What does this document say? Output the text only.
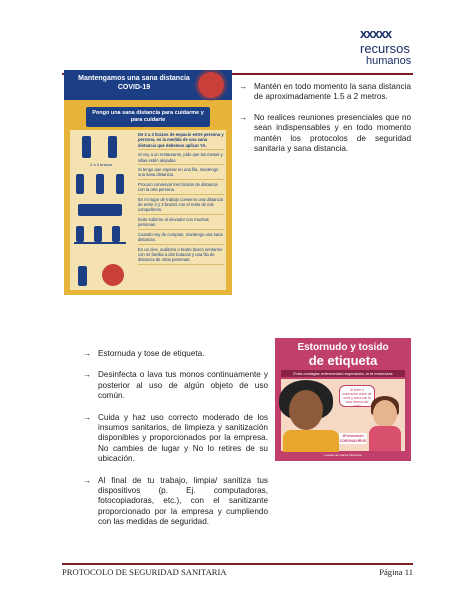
xxxxx
recursos
humanos
Mantengamos una sana distancia COVID-19
Pongo una sana distancia para cuidarme y para cuidarte
2 a 3 brazos
De 2 a 3 brazos de espacio entre persona y persona, es la medida de una sana distancia que debemos aplicar YA.
Si voy a un restaurante, pido que las mesas y sillas estén alejadas.
Si tengo que esperar en una fila, mantengo una sana distancia.
Procuro conservar tres brazos de distancia con la otra persona.
En mi lugar de trabajo conservo una distancia de entre 2 y 3 brazos con el resto de mis compañeros.
Evito subirme al elevador con muchas personas.
Cuando voy de compras, mantengo una sana distancia.
En un cine, auditorio o teatro busco sentarme con mi familia a dos butacas y una fila de distancia de otras personas.
→ Mantén en todo momento la sana distancia de aproximadamente 1.5 a 2 metros.
→ No realices reuniones presenciales que no sean indispensables y en todo momento mantén los protocolos de seguridad sanitaria y sana distancia.
Estornudo y tosido
de etiqueta
Evita contagiar enfermedad respiratoria, tu te inmunizas
Al toser o estornudar cubrir de nariz y boca con la cara interna del codo
#Prevención CORONAVIRUS
Lavado de manos frecuente
→ Estornuda y tose de etiqueta.
→ Desinfecta o lava tus monos continuamente y posterior al uso de algún objeto de uso común.
→ Cuida y haz uso correcto moderado de los insumos sanitarios, de limpieza y sanitización disponibles y proporcionados por la empresa. No cambies de lugar y No lo retires de su ubicación.
→ Al final de tu trabajo, limpia/ sanitiza tus dispositivos (p. Ej. computadoras, fotocopiadoras, etc.), con el sanitizante proporcionado por la empresa y cumpliendo con las medidas de seguridad.
PROTOCOLO DE SEGURIDAD SANITARIA	Página 11
